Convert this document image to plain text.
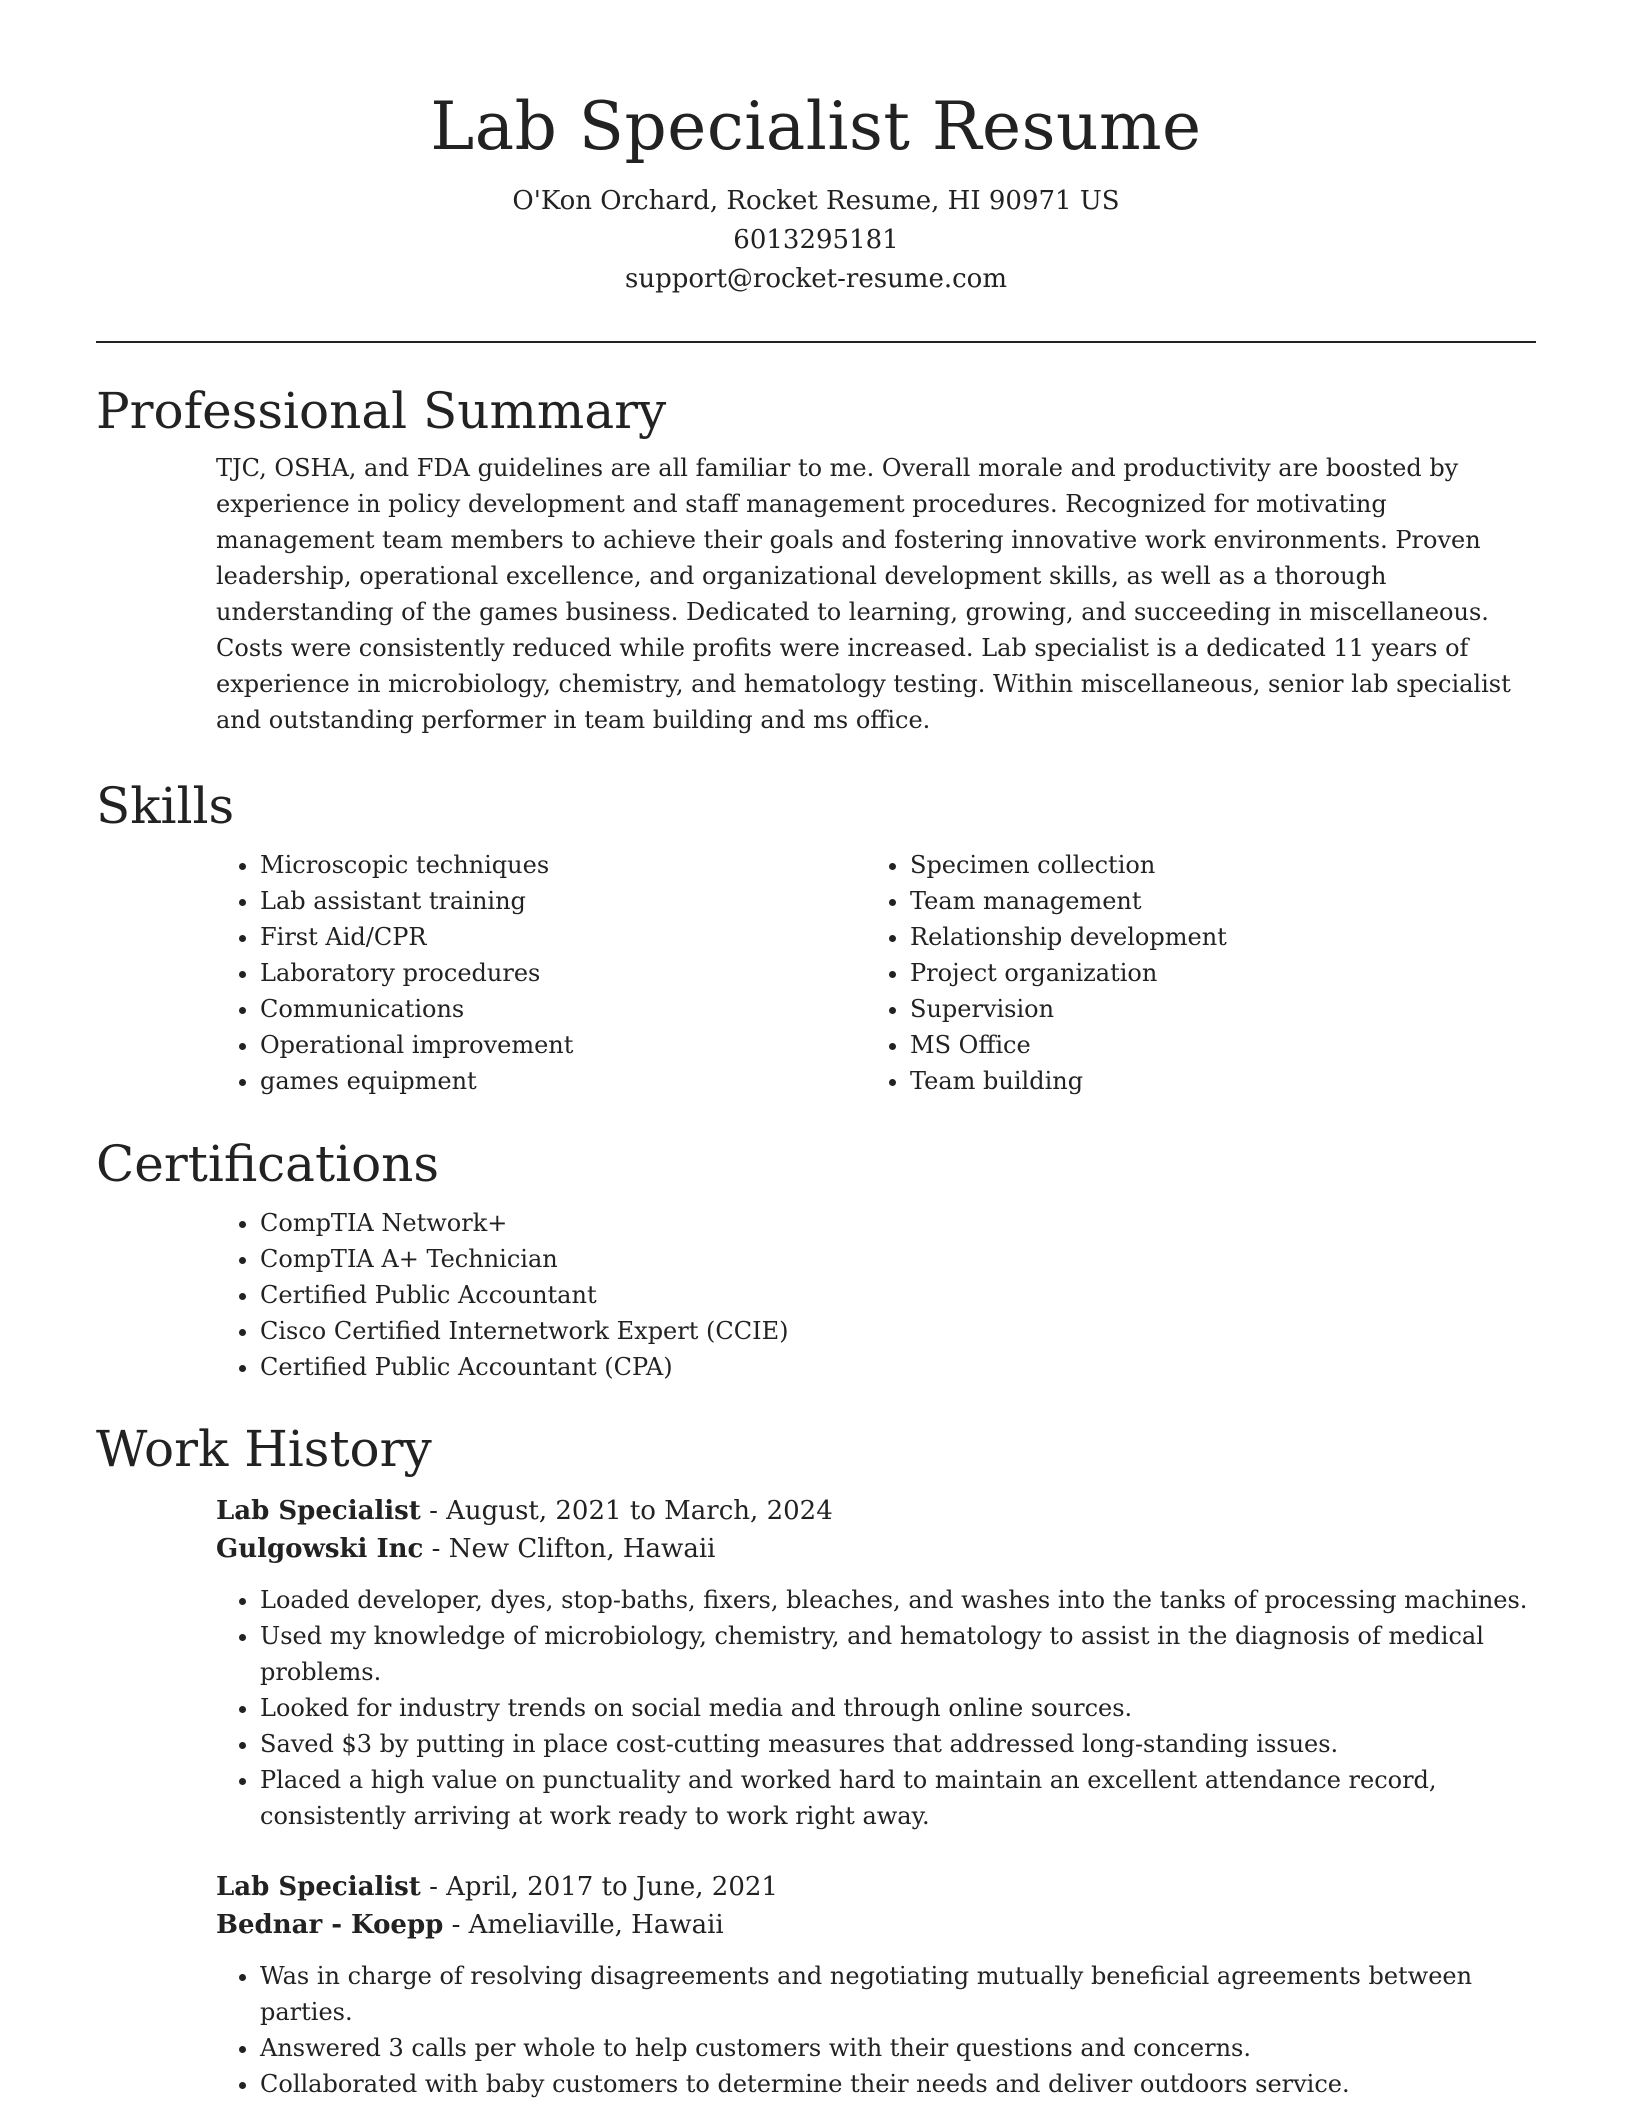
Lab Specialist Resume
O'Kon Orchard, Rocket Resume, HI 90971 US
6013295181
support@rocket-resume.com
Professional Summary
TJC, OSHA, and FDA guidelines are all familiar to me. Overall morale and productivity are boosted by experience in policy development and staff management procedures. Recognized for motivating management team members to achieve their goals and fostering innovative work environments. Proven leadership, operational excellence, and organizational development skills, as well as a thorough understanding of the games business. Dedicated to learning, growing, and succeeding in miscellaneous. Costs were consistently reduced while profits were increased. Lab specialist is a dedicated 11 years of experience in microbiology, chemistry, and hematology testing. Within miscellaneous, senior lab specialist and outstanding performer in team building and ms office.
Skills
• Microscopic techniques
• Lab assistant training
• First Aid/CPR
• Laboratory procedures
• Communications
• Operational improvement
• games equipment
• Specimen collection
• Team management
• Relationship development
• Project organization
• Supervision
• MS Office
• Team building
Certifications
• CompTIA Network+
• CompTIA A+ Technician
• Certified Public Accountant
• Cisco Certified Internetwork Expert (CCIE)
• Certified Public Accountant (CPA)
Work History
Lab Specialist - August, 2021 to March, 2024
Gulgowski Inc - New Clifton, Hawaii
• Loaded developer, dyes, stop-baths, fixers, bleaches, and washes into the tanks of processing machines.
• Used my knowledge of microbiology, chemistry, and hematology to assist in the diagnosis of medical problems.
• Looked for industry trends on social media and through online sources.
• Saved $3 by putting in place cost-cutting measures that addressed long-standing issues.
• Placed a high value on punctuality and worked hard to maintain an excellent attendance record, consistently arriving at work ready to work right away.
Lab Specialist - April, 2017 to June, 2021
Bednar - Koepp - Ameliaville, Hawaii
• Was in charge of resolving disagreements and negotiating mutually beneficial agreements between parties.
• Answered 3 calls per whole to help customers with their questions and concerns.
• Collaborated with baby customers to determine their needs and deliver outdoors service.
